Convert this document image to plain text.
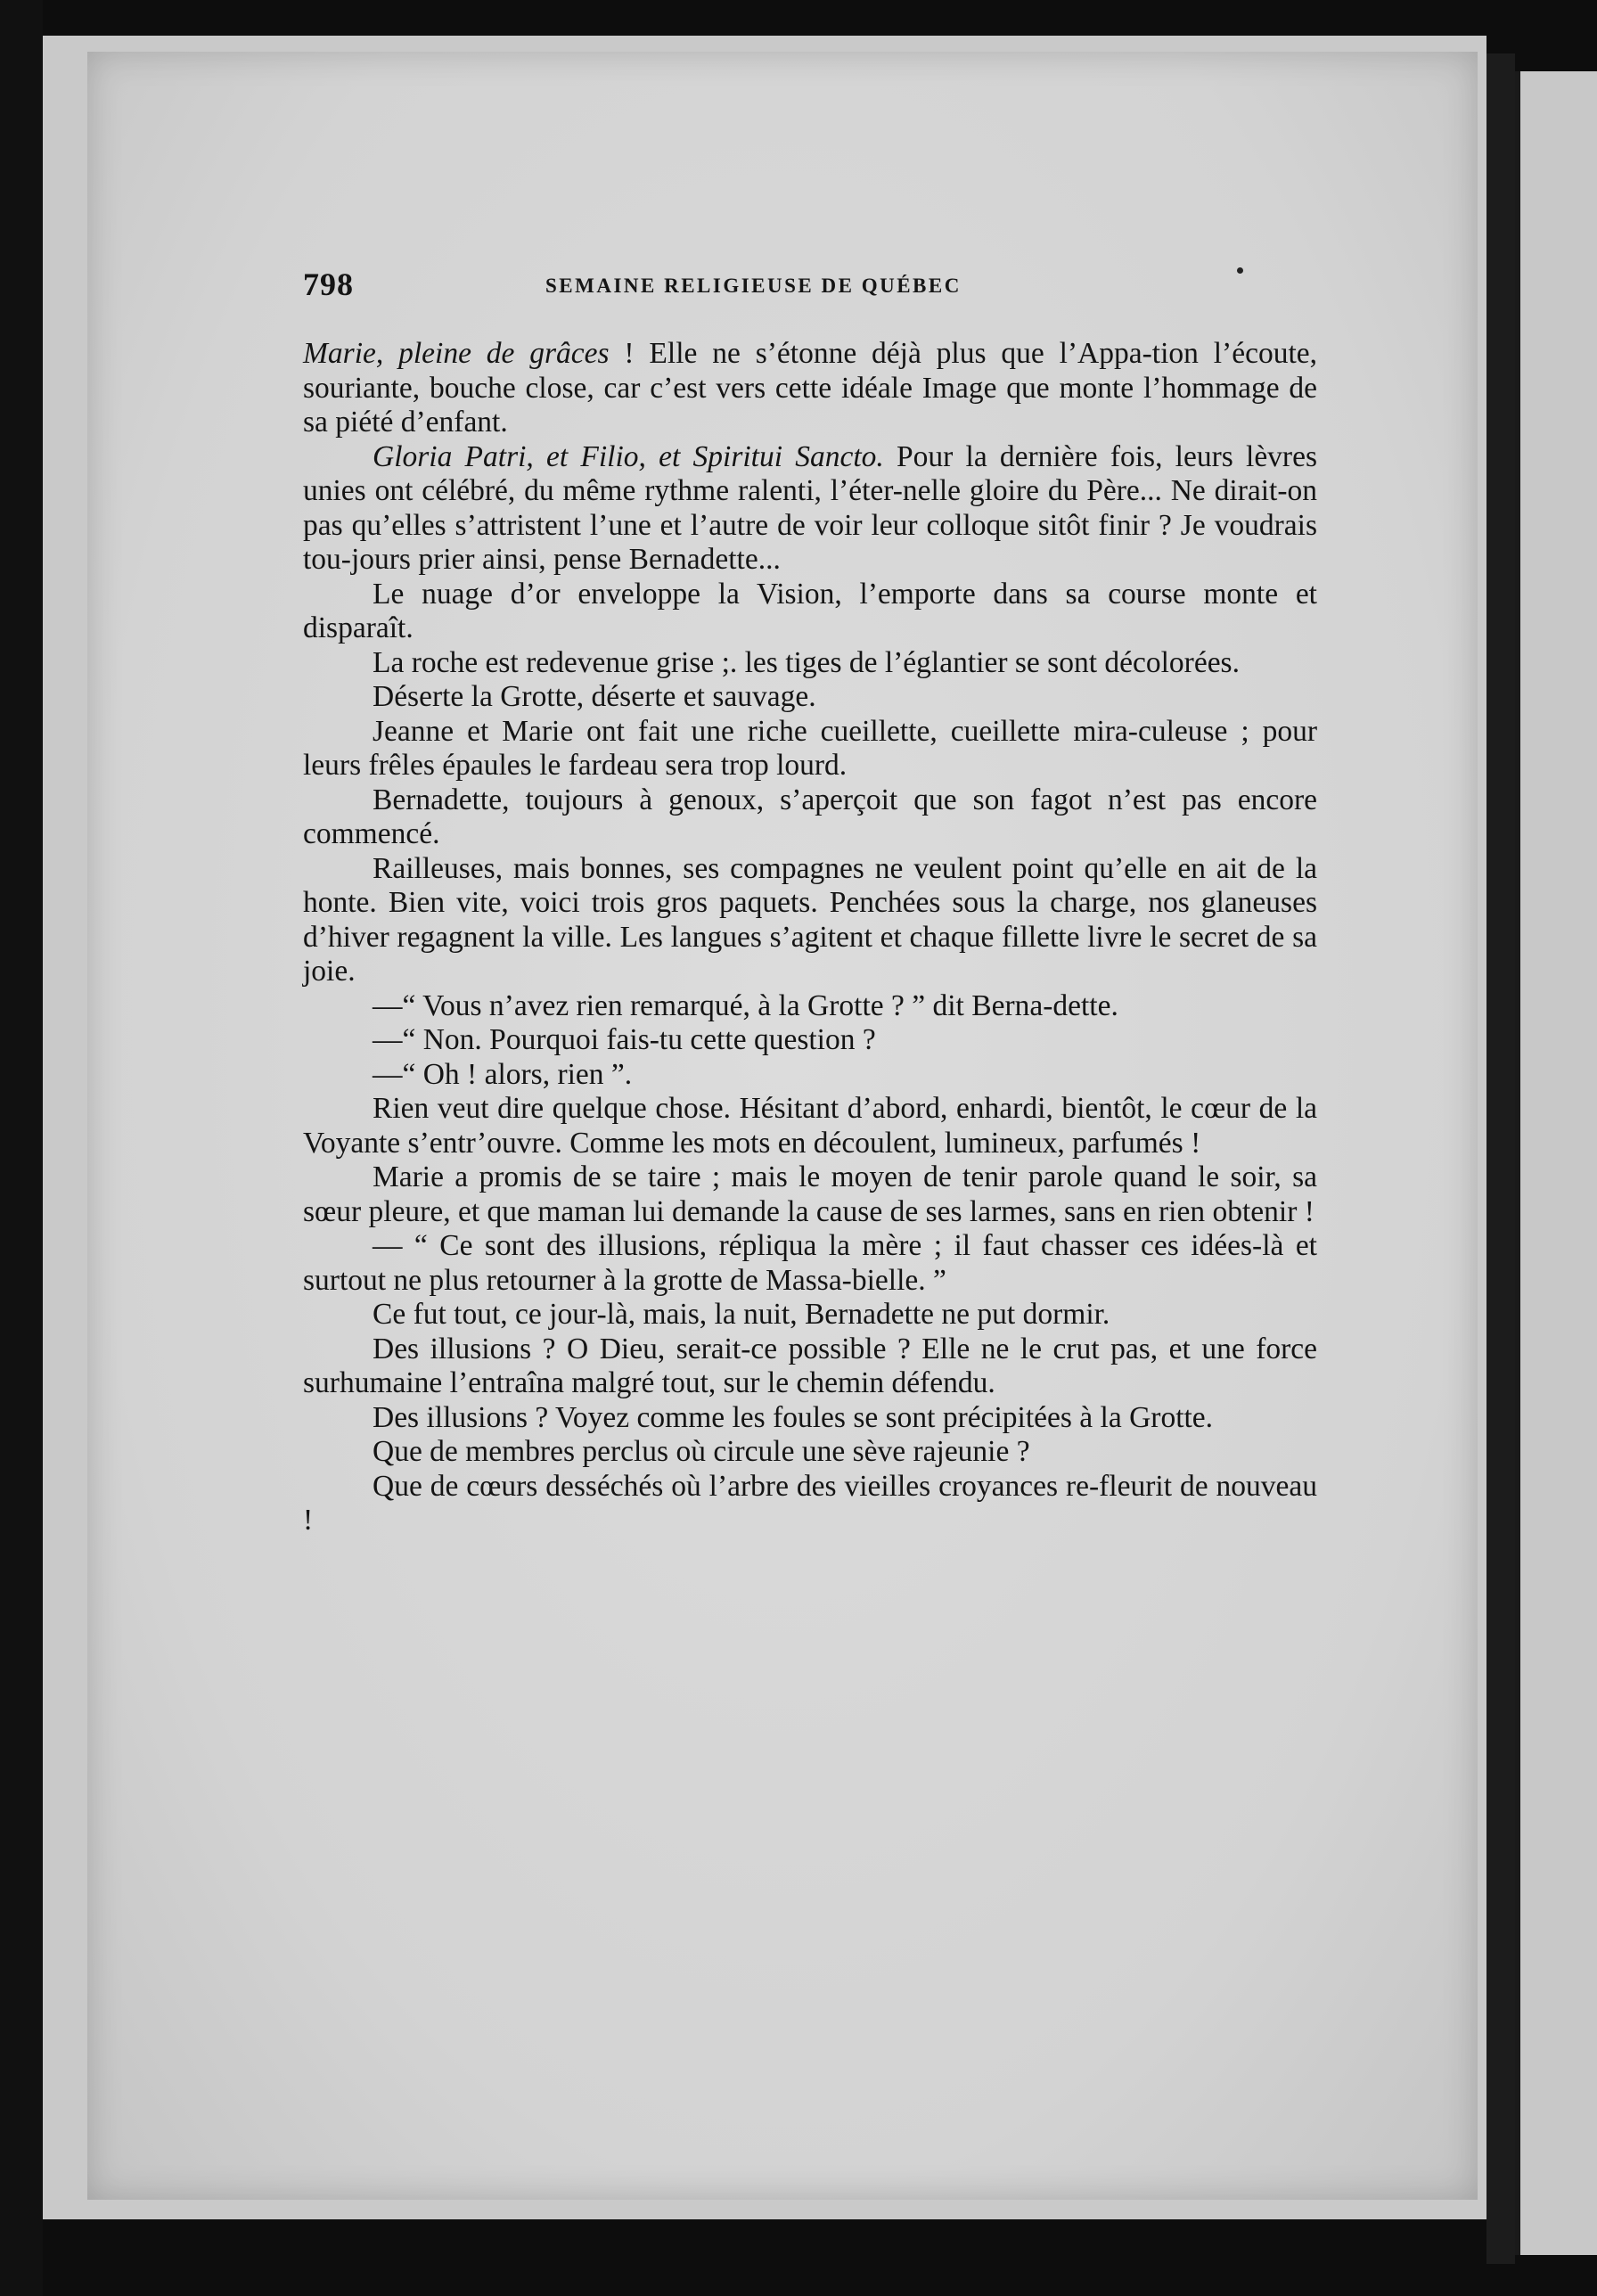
798	SEMAINE RELIGIEUSE DE QUÉBEC

Marie, pleine de grâces ! Elle ne s’étonne déjà plus que l’Appa-tion l’écoute, souriante, bouche close, car c’est vers cette idéale Image que monte l’hommage de sa piété d’enfant.

Gloria Patri, et Filio, et Spiritui Sancto. Pour la dernière fois, leurs lèvres unies ont célébré, du même rythme ralenti, l’éter-nelle gloire du Père... Ne dirait-on pas qu’elles s’attristent l’une et l’autre de voir leur colloque sitôt finir ? Je voudrais tou-jours prier ainsi, pense Bernadette...

Le nuage d’or enveloppe la Vision, l’emporte dans sa course monte et disparaît.

La roche est redevenue grise ;. les tiges de l’églantier se sont décolorées.

Déserte la Grotte, déserte et sauvage.

Jeanne et Marie ont fait une riche cueillette, cueillette mira-culeuse ; pour leurs frêles épaules le fardeau sera trop lourd.

Bernadette, toujours à genoux, s’aperçoit que son fagot n’est pas encore commencé.

Railleuses, mais bonnes, ses compagnes ne veulent point qu’elle en ait de la honte. Bien vite, voici trois gros paquets. Penchées sous la charge, nos glaneuses d’hiver regagnent la ville. Les langues s’agitent et chaque fillette livre le secret de sa joie.

—“ Vous n’avez rien remarqué, à la Grotte ? ” dit Berna-dette.

—“ Non. Pourquoi fais-tu cette question ?

—“ Oh ! alors, rien ”.

Rien veut dire quelque chose. Hésitant d’abord, enhardi, bientôt, le cœur de la Voyante s’entr’ouvre. Comme les mots en découlent, lumineux, parfumés !

Marie a promis de se taire ; mais le moyen de tenir parole quand le soir, sa sœur pleure, et que maman lui demande la cause de ses larmes, sans en rien obtenir !

— “ Ce sont des illusions, répliqua la mère ; il faut chasser ces idées-là et surtout ne plus retourner à la grotte de Massa-bielle. ”

Ce fut tout, ce jour-là, mais, la nuit, Bernadette ne put dormir.

Des illusions ? O Dieu, serait-ce possible ? Elle ne le crut pas, et une force surhumaine l’entraîna malgré tout, sur le chemin défendu.

Des illusions ? Voyez comme les foules se sont précipitées à la Grotte.

Que de membres perclus où circule une sève rajeunie ?

Que de cœurs desséchés où l’arbre des vieilles croyances re-fleurit de nouveau !
